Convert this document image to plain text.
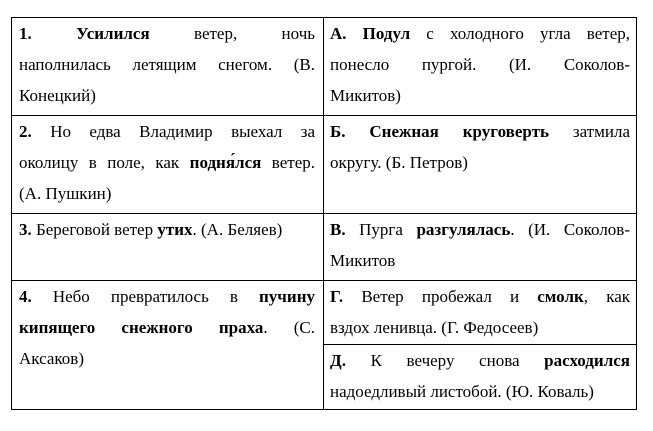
1.	Усилился ветер, ночь
наполнилась летящим снегом. (В.
Конецкий)
А. Подул с холодного угла ветер,
понесло пургой. (И. Соколов-
Микитов)
2. Но едва Владимир выехал за
околицу в поле, как подня́лся ветер.
(А. Пушкин)
Б. Снежная круговерть затмила
округу. (Б. Петров)
3. Береговой ветер утих. (А. Беляев)	В. Пурга разгулялась. (И. Соколов-
Микитов
4. Небо превратилось в пучину
кипящего снежного праха. (С.
Аксаков)
Г. Ветер пробежал и смолк, как
вздох ленивца. (Г. Федосеев)
Д. К вечеру снова расходился
надоедливый листобой. (Ю. Коваль)
